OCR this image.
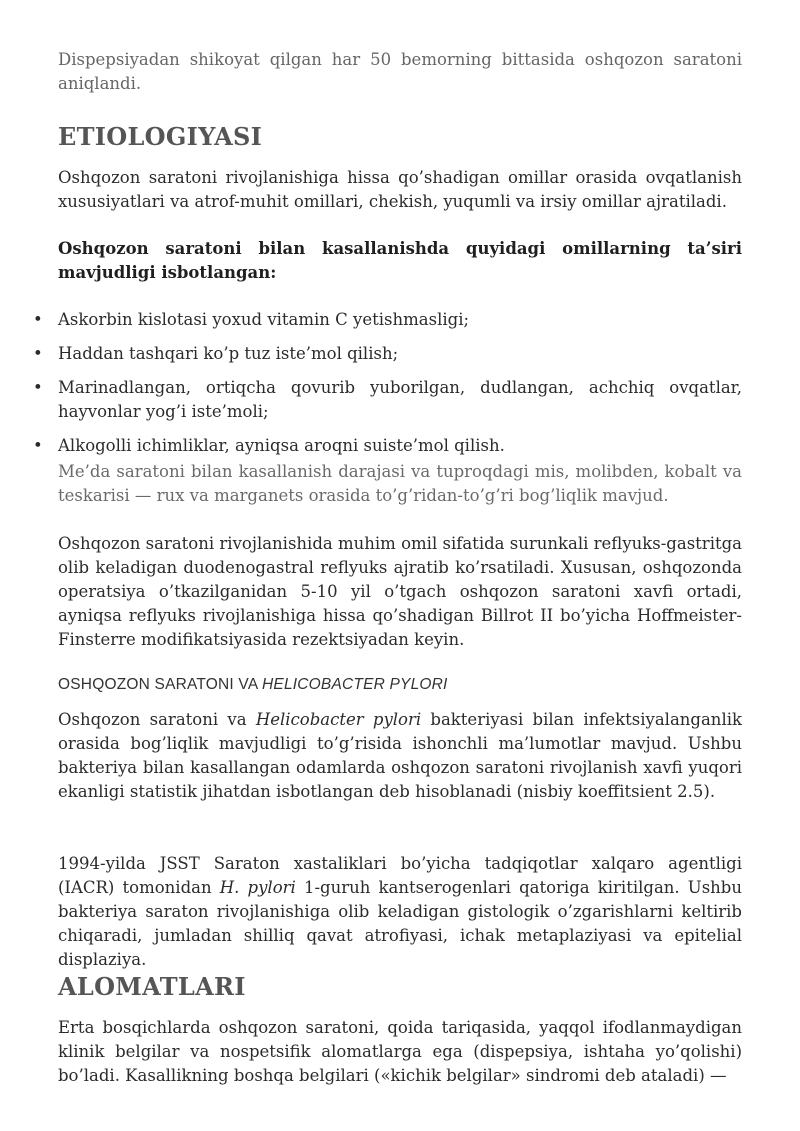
Dispepsiyadan shikoyat qilgan har 50 bemorning bittasida oshqozon saratoni aniqlandi.

ETIOLOGIYASI

Oshqozon saratoni rivojlanishiga hissa qo’shadigan omillar orasida ovqatlanish xususiyatlari va atrof-muhit omillari, chekish, yuqumli va irsiy omillar ajratiladi.

Oshqozon saratoni bilan kasallanishda quyidagi omillarning ta’siri mavjudligi isbotlangan:

• Askorbin kislotasi yoxud vitamin C yetishmasligi;
• Haddan tashqari ko’p tuz iste’mol qilish;
• Marinadlangan, ortiqcha qovurib yuborilgan, dudlangan, achchiq ovqatlar, hayvonlar yog’i iste’moli;
• Alkogolli ichimliklar, ayniqsa aroqni suiste’mol qilish.

Me’da saratoni bilan kasallanish darajasi va tuproqdagi mis, molibden, kobalt va teskarisi — rux va marganets orasida to’g’ridan-to’g’ri bog’liqlik mavjud.

Oshqozon saratoni rivojlanishida muhim omil sifatida surunkali reflyuks-gastritga olib keladigan duodenogastral reflyuks ajratib ko’rsatiladi. Xususan, oshqozonda operatsiya o’tkazilganidan 5-10 yil o’tgach oshqozon saratoni xavfi ortadi, ayniqsa reflyuks rivojlanishiga hissa qo’shadigan Billrot II bo’yicha Hoffmeister-Finsterre modifikatsiyasida rezektsiyadan keyin.

OSHQOZON SARATONI VA HELICOBACTER PYLORI

Oshqozon saratoni va Helicobacter pylori bakteriyasi bilan infektsiyalanganlik orasida bog’liqlik mavjudligi to’g’risida ishonchli ma’lumotlar mavjud. Ushbu bakteriya bilan kasallangan odamlarda oshqozon saratoni rivojlanish xavfi yuqori ekanligi statistik jihatdan isbotlangan deb hisoblanadi (nisbiy koeffitsient 2.5).

1994-yilda JSST Saraton xastaliklari bo’yicha tadqiqotlar xalqaro agentligi (IACR) tomonidan H. pylori 1-guruh kantserogenlari qatoriga kiritilgan. Ushbu bakteriya saraton rivojlanishiga olib keladigan gistologik o’zgarishlarni keltirib chiqaradi, jumladan shilliq qavat atrofiyasi, ichak metaplaziyasi va epitelial displaziya.

ALOMATLARI

Erta bosqichlarda oshqozon saratoni, qoida tariqasida, yaqqol ifodlanmaydigan klinik belgilar va nospetsifik alomatlarga ega (dispepsiya, ishtaha yo’qolishi) bo’ladi. Kasallikning boshqa belgilari («kichik belgilar» sindromi deb ataladi) —
